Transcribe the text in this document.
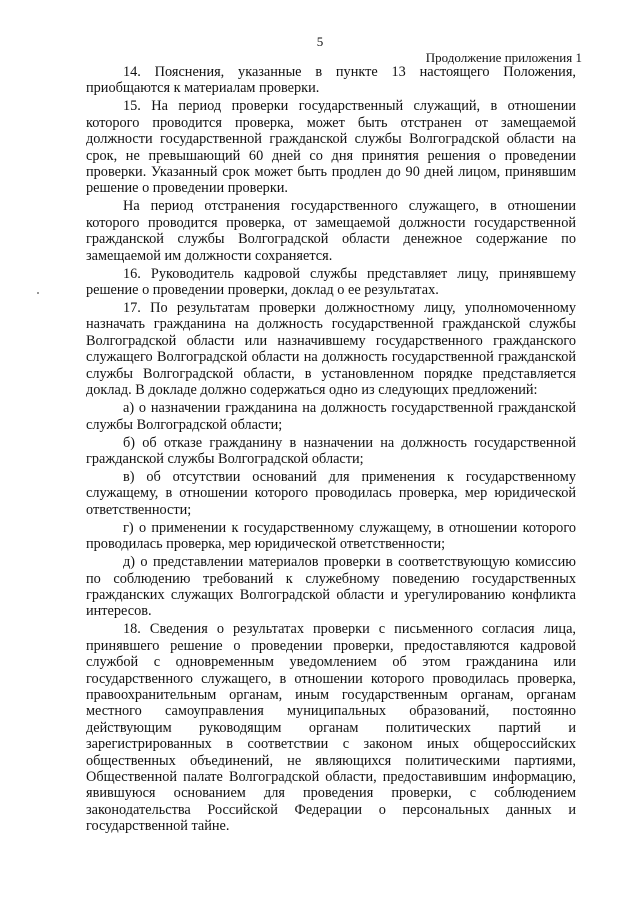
5
Продолжение приложения 1

14. Пояснения, указанные в пункте 13 настоящего Положения, приобщаются к материалам проверки.

15. На период проверки государственный служащий, в отношении которого проводится проверка, может быть отстранен от замещаемой должности государственной гражданской службы Волгоградской области на срок, не превышающий 60 дней со дня принятия решения о проведении проверки. Указанный срок может быть продлен до 90 дней лицом, принявшим решение о проведении проверки.

На период отстранения государственного служащего, в отношении которого проводится проверка, от замещаемой должности государственной гражданской службы Волгоградской области денежное содержание по замещаемой им должности сохраняется.

16. Руководитель кадровой службы представляет лицу, принявшему решение о проведении проверки, доклад о ее результатах.

17. По результатам проверки должностному лицу, уполномоченному назначать гражданина на должность государственной гражданской службы Волгоградской области или назначившему государственного гражданского служащего Волгоградской области на должность государственной гражданской службы Волгоградской области, в установленном порядке представляется доклад. В докладе должно содержаться одно из следующих предложений:

а) о назначении гражданина на должность государственной гражданской службы Волгоградской области;

б) об отказе гражданину в назначении на должность государственной гражданской службы Волгоградской области;

в) об отсутствии оснований для применения к государственному служащему, в отношении которого проводилась проверка, мер юридической ответственности;

г) о применении к государственному служащему, в отношении которого проводилась проверка, мер юридической ответственности;

д) о представлении материалов проверки в соответствующую комиссию по соблюдению требований к служебному поведению государственных гражданских служащих Волгоградской области и урегулированию конфликта интересов.

18. Сведения о результатах проверки с письменного согласия лица, принявшего решение о проведении проверки, предоставляются кадровой службой с одновременным уведомлением об этом гражданина или государственного служащего, в отношении которого проводилась проверка, правоохранительным органам, иным государственным органам, органам местного самоуправления муниципальных образований, постоянно действующим руководящим органам политических партий и зарегистрированных в соответствии с законом иных общероссийских общественных объединений, не являющихся политическими партиями, Общественной палате Волгоградской области, предоставившим информацию, явившуюся основанием для проведения проверки, с соблюдением законодательства Российской Федерации о персональных данных и государственной тайне.
